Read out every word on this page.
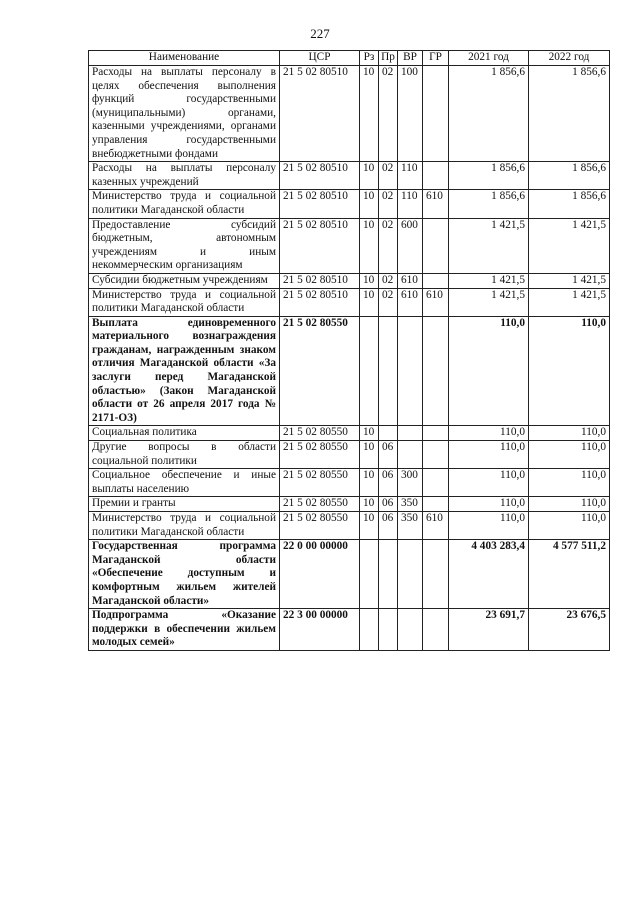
227
Наименование	ЦСР	Рз	Пр	ВР	ГР	2021 год	2022 год
Расходы на выплаты персоналу в целях обеспечения выполнения функций государственными (муниципальными) органами, казенными учреждениями, органами управления государственными внебюджетными фондами	21 5 02 80510	10	02	100		1 856,6	1 856,6
Расходы на выплаты персоналу казенных учреждений	21 5 02 80510	10	02	110		1 856,6	1 856,6
Министерство труда и социальной политики Магаданской области	21 5 02 80510	10	02	110	610	1 856,6	1 856,6
Предоставление субсидий бюджетным, автономным учреждениям и иным некоммерческим организациям	21 5 02 80510	10	02	600		1 421,5	1 421,5
Субсидии бюджетным учреждениям	21 5 02 80510	10	02	610		1 421,5	1 421,5
Министерство труда и социальной политики Магаданской области	21 5 02 80510	10	02	610	610	1 421,5	1 421,5
Выплата единовременного материального вознаграждения гражданам, награжденным знаком отличия Магаданской области «За заслуги перед Магаданской областью» (Закон Магаданской области от 26 апреля 2017 года № 2171-ОЗ)	21 5 02 80550					110,0	110,0
Социальная политика	21 5 02 80550	10				110,0	110,0
Другие вопросы в области социальной политики	21 5 02 80550	10	06			110,0	110,0
Социальное обеспечение и иные выплаты населению	21 5 02 80550	10	06	300		110,0	110,0
Премии и гранты	21 5 02 80550	10	06	350		110,0	110,0
Министерство труда и социальной политики Магаданской области	21 5 02 80550	10	06	350	610	110,0	110,0
Государственная программа Магаданской области «Обеспечение доступным и комфортным жильем жителей Магаданской области»	22 0 00 00000					4 403 283,4	4 577 511,2
Подпрограмма «Оказание поддержки в обеспечении жильем молодых семей»	22 3 00 00000					23 691,7	23 676,5
